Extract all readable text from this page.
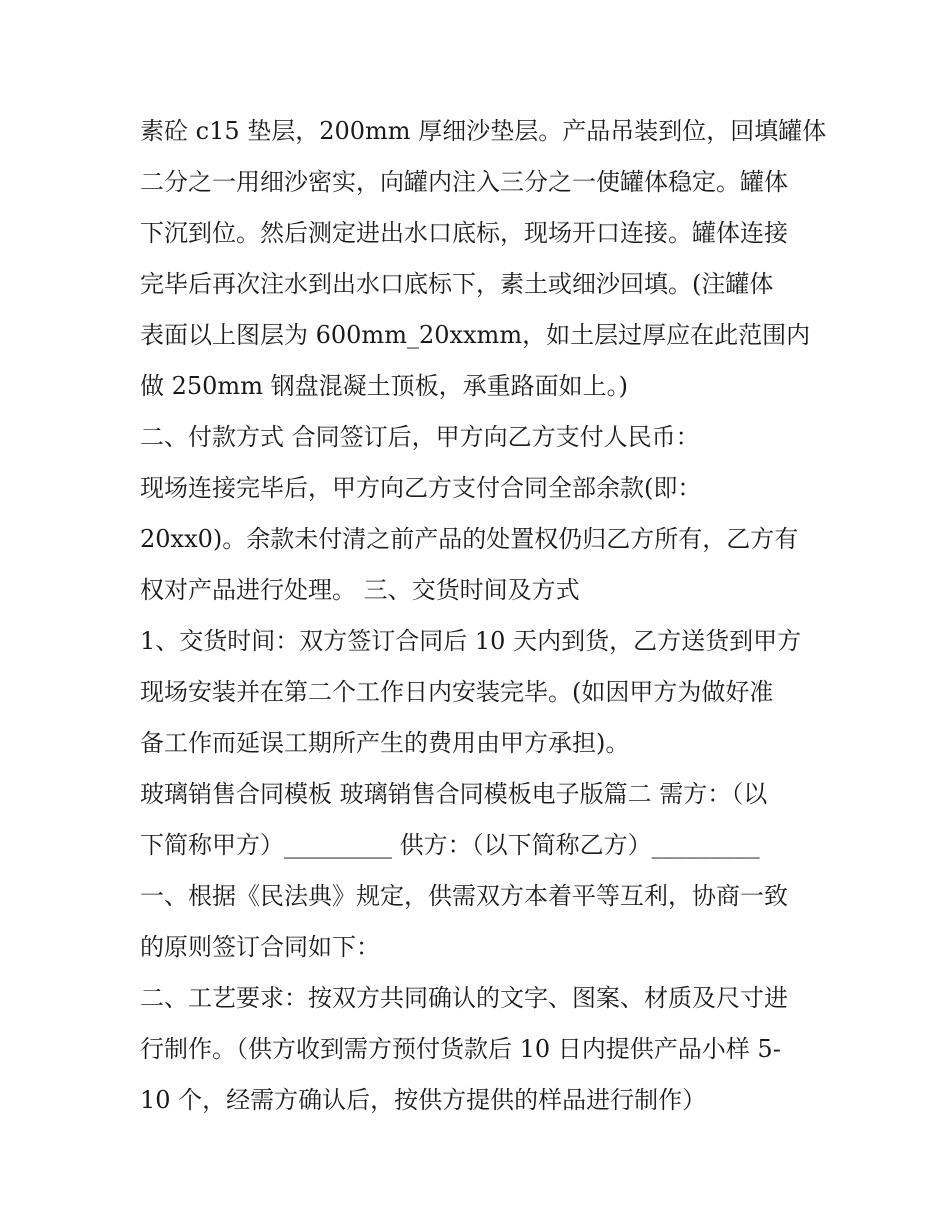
素砼 c15 垫层，200mm 厚细沙垫层。产品吊装到位，回填罐体
二分之一用细沙密实，向罐内注入三分之一使罐体稳定。罐体
下沉到位。然后测定进出水口底标，现场开口连接。罐体连接
完毕后再次注水到出水口底标下，素土或细沙回填。(注罐体
表面以上图层为 600mm_20xxmm，如土层过厚应在此范围内
做 250mm 钢盘混凝土顶板，承重路面如上。)
二、付款方式 合同签订后，甲方向乙方支付人民币：
现场连接完毕后，甲方向乙方支付合同全部余款(即：
20xx0)。余款未付清之前产品的处置权仍归乙方所有，乙方有
权对产品进行处理。 三、交货时间及方式
1、交货时间：双方签订合同后 10 天内到货，乙方送货到甲方
现场安装并在第二个工作日内安装完毕。(如因甲方为做好准
备工作而延误工期所产生的费用由甲方承担)。
玻璃销售合同模板 玻璃销售合同模板电子版篇二 需方：（以
下简称甲方）_________ 供方：（以下简称乙方）_________
一、根据《民法典》规定，供需双方本着平等互利，协商一致
的原则签订合同如下：
二、工艺要求：按双方共同确认的文字、图案、材质及尺寸进
行制作。（供方收到需方预付货款后 10 日内提供产品小样 5-
10 个，经需方确认后，按供方提供的样品进行制作）
